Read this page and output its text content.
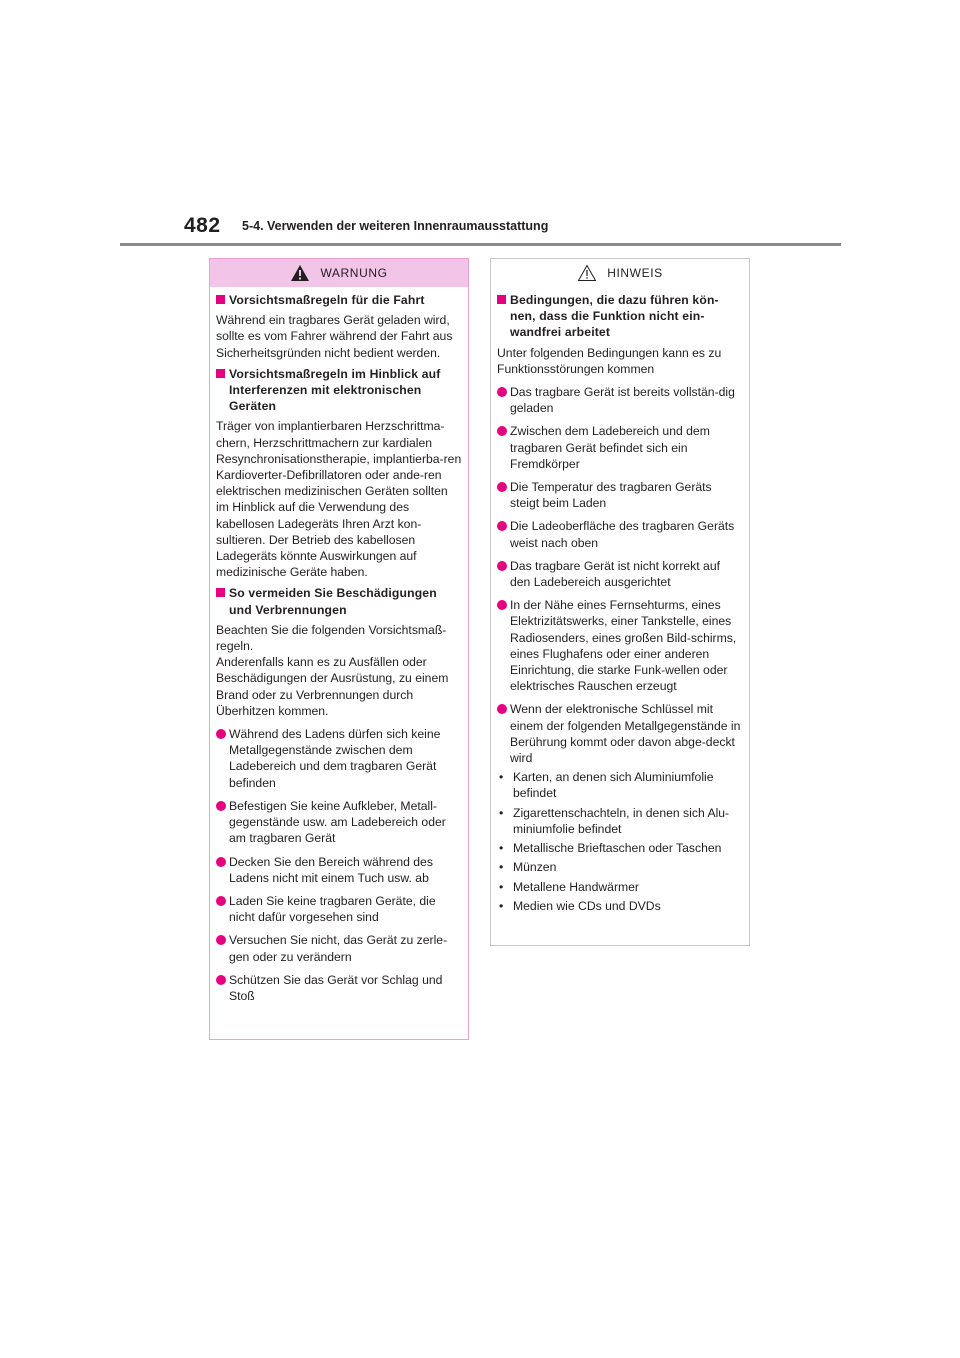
482 5-4. Verwenden der weiteren Innenraumausstattung
WARNUNG
Vorsichtsmaßregeln für die Fahrt
Während ein tragbares Gerät geladen wird, sollte es vom Fahrer während der Fahrt aus Sicherheitsgründen nicht bedient werden.
Vorsichtsmaßregeln im Hinblick auf Interferenzen mit elektronischen Geräten
Träger von implantierbaren Herzschrittma-chern, Herzschrittmachern zur kardialen Resynchronisationstherapie, implantierba-ren Kardioverter-Defibrillatoren oder ande-ren elektrischen medizinischen Geräten sollten im Hinblick auf die Verwendung des kabellosen Ladegeräts Ihren Arzt kon-sultieren. Der Betrieb des kabellosen Ladegeräts könnte Auswirkungen auf medizinische Geräte haben.
So vermeiden Sie Beschädigungen und Verbrennungen
Beachten Sie die folgenden Vorsichtsmaß-regeln.
Anderenfalls kann es zu Ausfällen oder Beschädigungen der Ausrüstung, zu einem Brand oder zu Verbrennungen durch Überhitzen kommen.
Während des Ladens dürfen sich keine Metallgegenstände zwischen dem Ladebereich und dem tragbaren Gerät befinden
Befestigen Sie keine Aufkleber, Metall-gegenstände usw. am Ladebereich oder am tragbaren Gerät
Decken Sie den Bereich während des Ladens nicht mit einem Tuch usw. ab
Laden Sie keine tragbaren Geräte, die nicht dafür vorgesehen sind
Versuchen Sie nicht, das Gerät zu zerle-gen oder zu verändern
Schützen Sie das Gerät vor Schlag und Stoß
HINWEIS
Bedingungen, die dazu führen kön-nen, dass die Funktion nicht ein-wandfrei arbeitet
Unter folgenden Bedingungen kann es zu Funktionsstörungen kommen
Das tragbare Gerät ist bereits vollstän-dig geladen
Zwischen dem Ladebereich und dem tragbaren Gerät befindet sich ein Fremdkörper
Die Temperatur des tragbaren Geräts steigt beim Laden
Die Ladeoberfläche des tragbaren Geräts weist nach oben
Das tragbare Gerät ist nicht korrekt auf den Ladebereich ausgerichtet
In der Nähe eines Fernsehturms, eines Elektrizitätswerks, einer Tankstelle, eines Radiosenders, eines großen Bild-schirms, eines Flughafens oder einer anderen Einrichtung, die starke Funk-wellen oder elektrisches Rauschen erzeugt
Wenn der elektronische Schlüssel mit einem der folgenden Metallgegenstände in Berührung kommt oder davon abge-deckt wird
• Karten, an denen sich Aluminiumfolie befindet
• Zigarettenschachteln, in denen sich Alu-miniumfolie befindet
• Metallische Brieftaschen oder Taschen
• Münzen
• Metallene Handwärmer
• Medien wie CDs und DVDs
